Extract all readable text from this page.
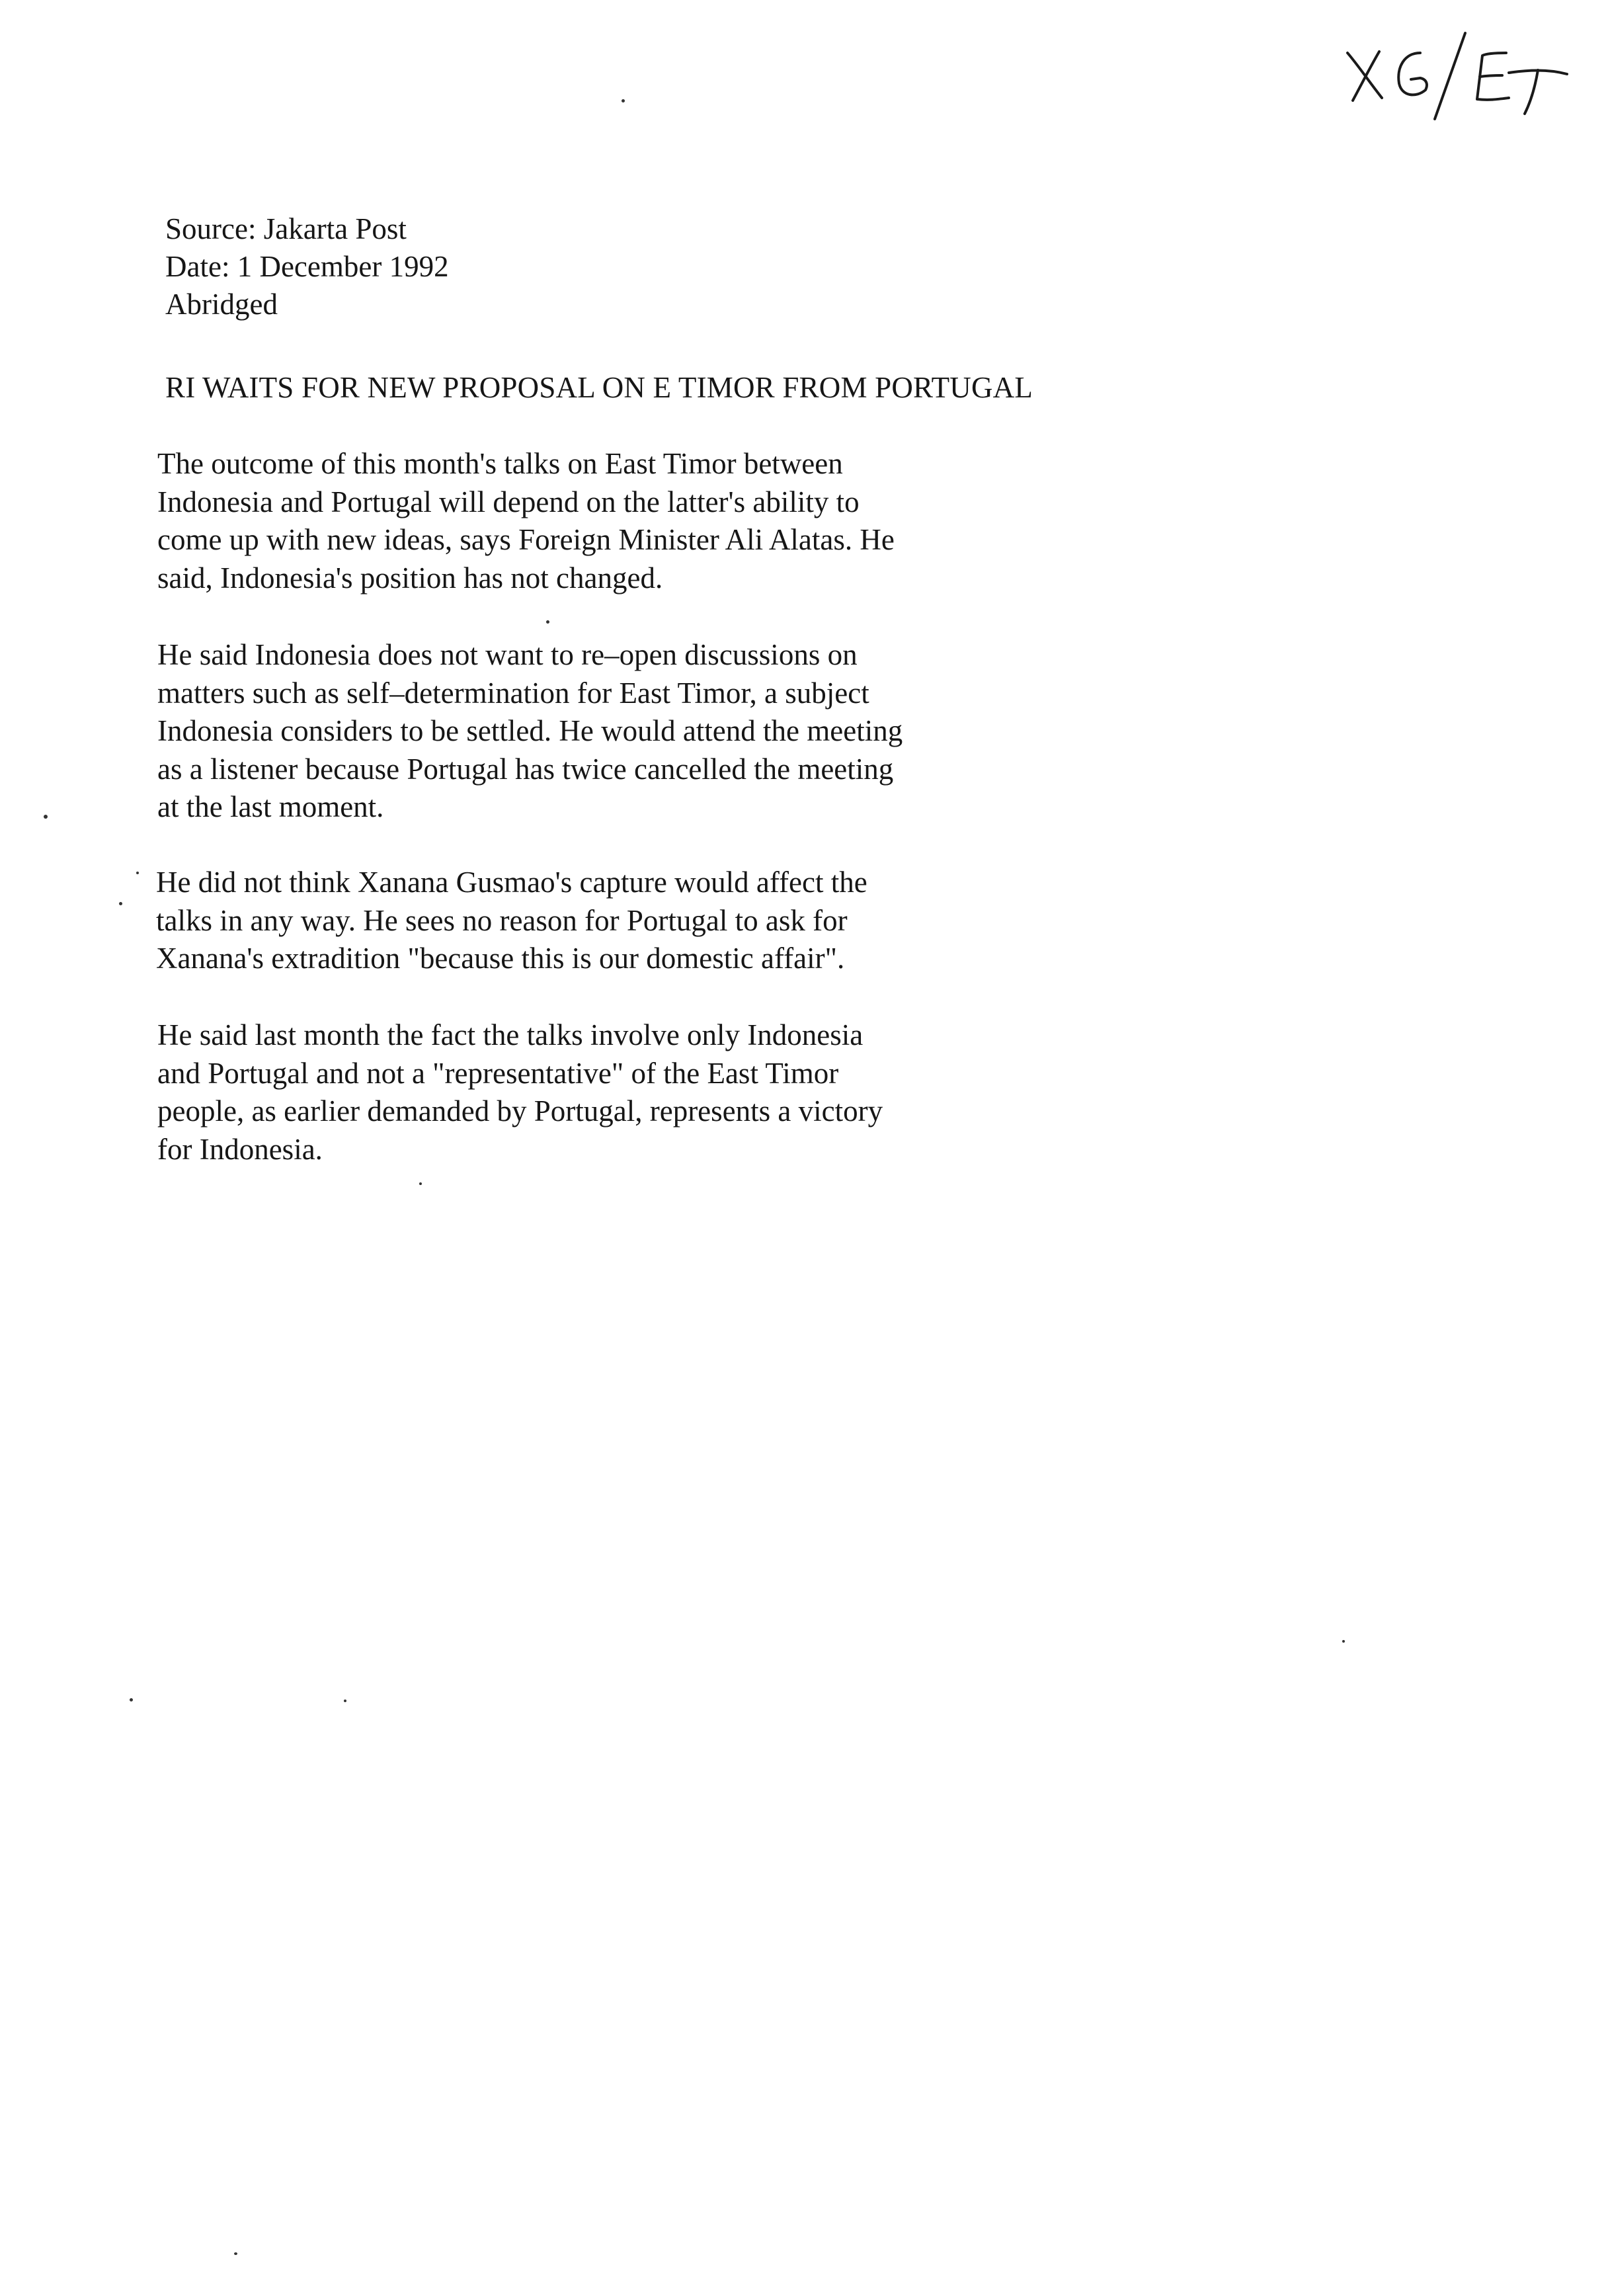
Source: Jakarta Post
Date: 1 December 1992
Abridged
RI WAITS FOR NEW PROPOSAL ON E TIMOR FROM PORTUGAL
The outcome of this month's talks on East Timor between
Indonesia and Portugal will depend on the latter's ability to
come up with new ideas, says Foreign Minister Ali Alatas. He
said, Indonesia's position has not changed.
He said Indonesia does not want to re–open discussions on
matters such as self–determination for East Timor, a subject
Indonesia considers to be settled. He would attend the meeting
as a listener because Portugal has twice cancelled the meeting
at the last moment.
He did not think Xanana Gusmao's capture would affect the
talks in any way. He sees no reason for Portugal to ask for
Xanana's extradition "because this is our domestic affair".
He said last month the fact the talks involve only Indonesia
and Portugal and not a "representative" of the East Timor
people, as earlier demanded by Portugal, represents a victory
for Indonesia.
